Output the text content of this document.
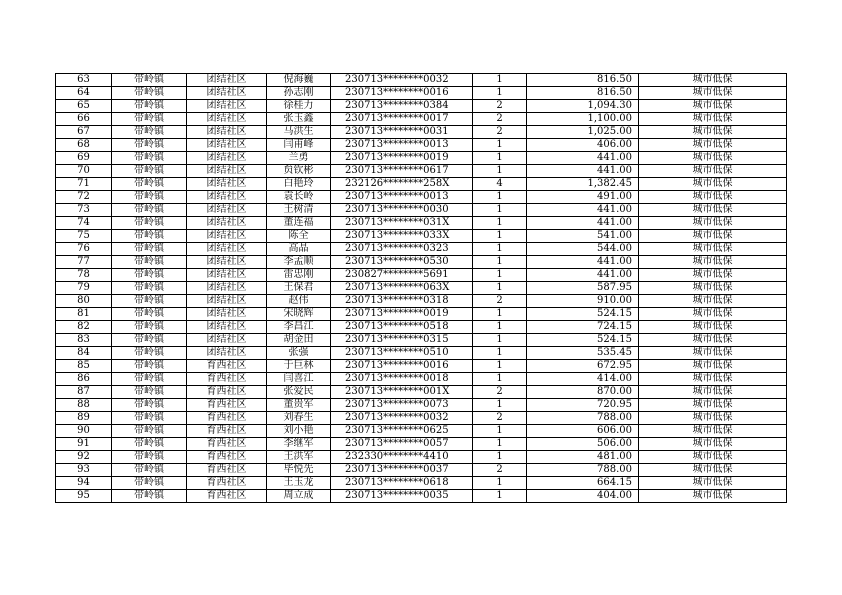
63	带岭镇	团结社区	倪海巍	230713********0032	1	816.50	城市低保
64	带岭镇	团结社区	孙志刚	230713********0016	1	816.50	城市低保
65	带岭镇	团结社区	徐桂力	230713********0384	2	1,094.30	城市低保
66	带岭镇	团结社区	张玉鑫	230713********0017	2	1,100.00	城市低保
67	带岭镇	团结社区	马洪生	230713********0031	2	1,025.00	城市低保
68	带岭镇	团结社区	闫甫峰	230713********0013	1	406.00	城市低保
69	带岭镇	团结社区	兰勇	230713********0019	1	441.00	城市低保
70	带岭镇	团结社区	贠钦彬	230713********0617	1	441.00	城市低保
71	带岭镇	团结社区	白艳玲	232126********258X	4	1,382.45	城市低保
72	带岭镇	团结社区	袁长岭	230713********0013	1	491.00	城市低保
73	带岭镇	团结社区	王树清	230713********0030	1	441.00	城市低保
74	带岭镇	团结社区	董连福	230713********031X	1	441.00	城市低保
75	带岭镇	团结社区	陈全	230713********033X	1	541.00	城市低保
76	带岭镇	团结社区	高晶	230713********0323	1	544.00	城市低保
77	带岭镇	团结社区	李孟顺	230713********0530	1	441.00	城市低保
78	带岭镇	团结社区	雷忠刚	230827********5691	1	441.00	城市低保
79	带岭镇	团结社区	王保君	230713********063X	1	587.95	城市低保
80	带岭镇	团结社区	赵伟	230713********0318	2	910.00	城市低保
81	带岭镇	团结社区	宋晓辉	230713********0019	1	524.15	城市低保
82	带岭镇	团结社区	李昌江	230713********0518	1	724.15	城市低保
83	带岭镇	团结社区	胡金田	230713********0315	1	524.15	城市低保
84	带岭镇	团结社区	张强	230713********0510	1	535.45	城市低保
85	带岭镇	育西社区	于巨林	230713********0016	1	672.95	城市低保
86	带岭镇	育西社区	闫喜江	230713********0018	1	414.00	城市低保
87	带岭镇	育西社区	张爱民	230713********001X	2	870.00	城市低保
88	带岭镇	育西社区	董贵军	230713********0073	1	720.95	城市低保
89	带岭镇	育西社区	刘春生	230713********0032	2	788.00	城市低保
90	带岭镇	育西社区	刘小艳	230713********0625	1	606.00	城市低保
91	带岭镇	育西社区	李继军	230713********0057	1	506.00	城市低保
92	带岭镇	育西社区	王洪军	232330********4410	1	481.00	城市低保
93	带岭镇	育西社区	毕悦先	230713********0037	2	788.00	城市低保
94	带岭镇	育西社区	王玉龙	230713********0618	1	664.15	城市低保
95	带岭镇	育西社区	周立成	230713********0035	1	404.00	城市低保
